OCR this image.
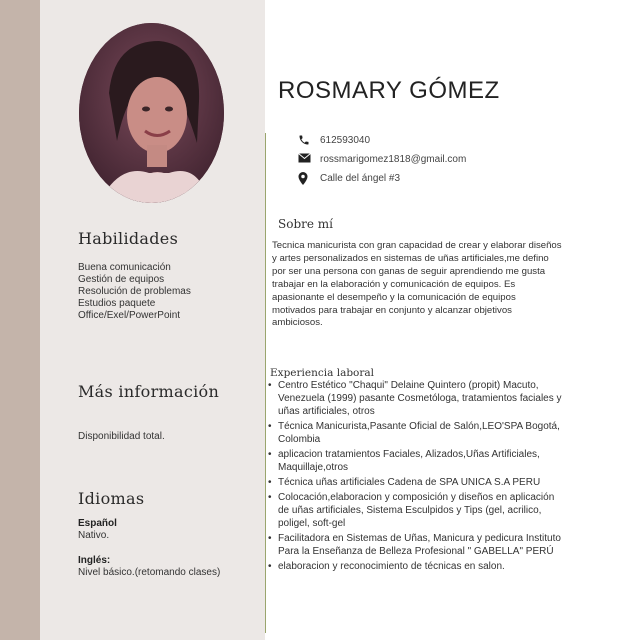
Habilidades

Buena comunicación

Gestión de equipos

Resolución de problemas

Estudios paquete

Office/Exel/PowerPoint

Más información

Disponibilidad total.

Idiomas
Español

Nativo.

Inglés:

Nivel básico.(retomando clases)

ROSMARY GÓMEZ
612593040
rossmarigomez1818@gmail.com
Calle del ángel #3
Sobre mí

Tecnica manicurista con gran capacidad de crear y elaborar diseños y artes personalizados en sistemas de uñas artificiales,me defino por ser una persona con ganas de seguir aprendiendo me gusta trabajar en la elaboración y comunicación de equipos. Es apasionante el desempeño y la comunicación de equipos motivados para trabajar en conjunto y alcanzar objetivos ambiciosos.

Experiencia laboral
• Centro Estético "Chaqui" Delaine Quintero (propit) Macuto, Venezuela (1999) pasante Cosmetóloga, tratamientos faciales y uñas artificiales, otros
• Técnica Manicurista,Pasante Oficial de Salón,LEO'SPA Bogotá, Colombia
• aplicacion tratamientos Faciales, Alizados,Uñas Artificiales, Maquillaje,otros
• Técnica uñas artificiales Cadena de SPA UNICA S.A PERU
• Colocación,elaboracion y composición y diseños en aplicación de uñas artificiales, Sistema Esculpidos y Tips (gel, acrilico, poligel, soft-gel
• Facilitadora en Sistemas de Uñas, Manicura y pedicura Instituto Para la Enseñanza de Belleza Profesional " GABELLA" PERÚ
• elaboracion y reconocimiento de técnicas en salon.
